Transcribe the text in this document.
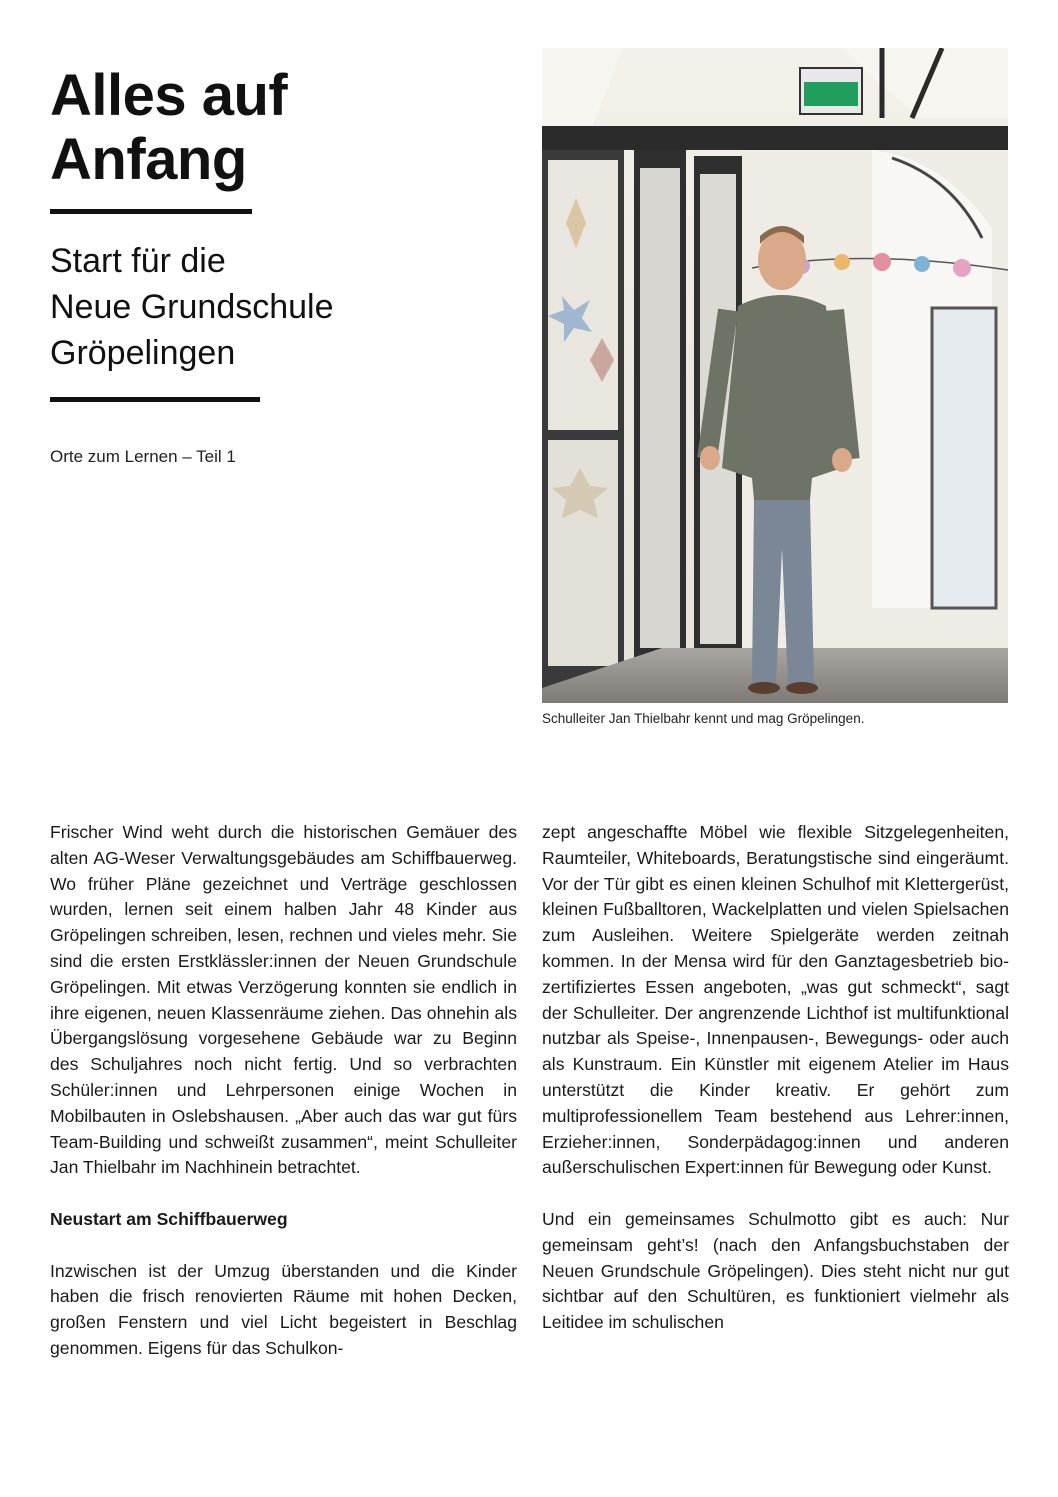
Alles auf
Anfang
Start für die
Neue Grundschule
Gröpelingen
Orte zum Lernen – Teil 1
Schulleiter Jan Thielbahr kennt und mag Gröpelingen.

Frischer Wind weht durch die historischen Gemäuer des alten AG-Weser Verwaltungsgebäudes am Schiffbauerweg. Wo früher Pläne gezeichnet und Verträge geschlossen wurden, lernen seit einem halben Jahr 48 Kinder aus Gröpelingen schreiben, lesen, rechnen und vieles mehr. Sie sind die ersten Erstklässler:innen der Neuen Grundschule Gröpelingen. Mit etwas Verzögerung konnten sie endlich in ihre eigenen, neuen Klassenräume ziehen. Das ohnehin als Übergangslösung vorgesehene Gebäude war zu Beginn des Schuljahres noch nicht fertig. Und so verbrachten Schüler:innen und Lehrpersonen einige Wochen in Mobilbauten in Oslebshausen. „Aber auch das war gut fürs Team-Building und schweißt zusammen“, meint Schulleiter Jan Thielbahr im Nachhinein betrachtet.

Neustart am Schiffbauerweg

Inzwischen ist der Umzug überstanden und die Kinder haben die frisch renovierten Räume mit hohen Decken, großen Fenstern und viel Licht begeistert in Beschlag genommen. Eigens für das Schulkon-

zept angeschaffte Möbel wie flexible Sitzgelegenheiten, Raumteiler, Whiteboards, Beratungstische sind eingeräumt. Vor der Tür gibt es einen kleinen Schulhof mit Klettergerüst, kleinen Fußballtoren, Wackelplatten und vielen Spielsachen zum Ausleihen. Weitere Spielgeräte werden zeitnah kommen. In der Mensa wird für den Ganztagesbetrieb bio-zertifiziertes Essen angeboten, „was gut schmeckt“, sagt der Schulleiter. Der angrenzende Lichthof ist multifunktional nutzbar als Speise-, Innenpausen-, Bewegungs- oder auch als Kunstraum. Ein Künstler mit eigenem Atelier im Haus unterstützt die Kinder kreativ. Er gehört zum multiprofessionellem Team bestehend aus Lehrer:innen, Erzieher:innen, Sonderpädagog:innen und anderen außerschulischen Expert:innen für Bewegung oder Kunst.

Und ein gemeinsames Schulmotto gibt es auch: Nur gemeinsam geht’s! (nach den Anfangsbuchstaben der Neuen Grundschule Gröpelingen). Dies steht nicht nur gut sichtbar auf den Schultüren, es funktioniert vielmehr als Leitidee im schulischen
